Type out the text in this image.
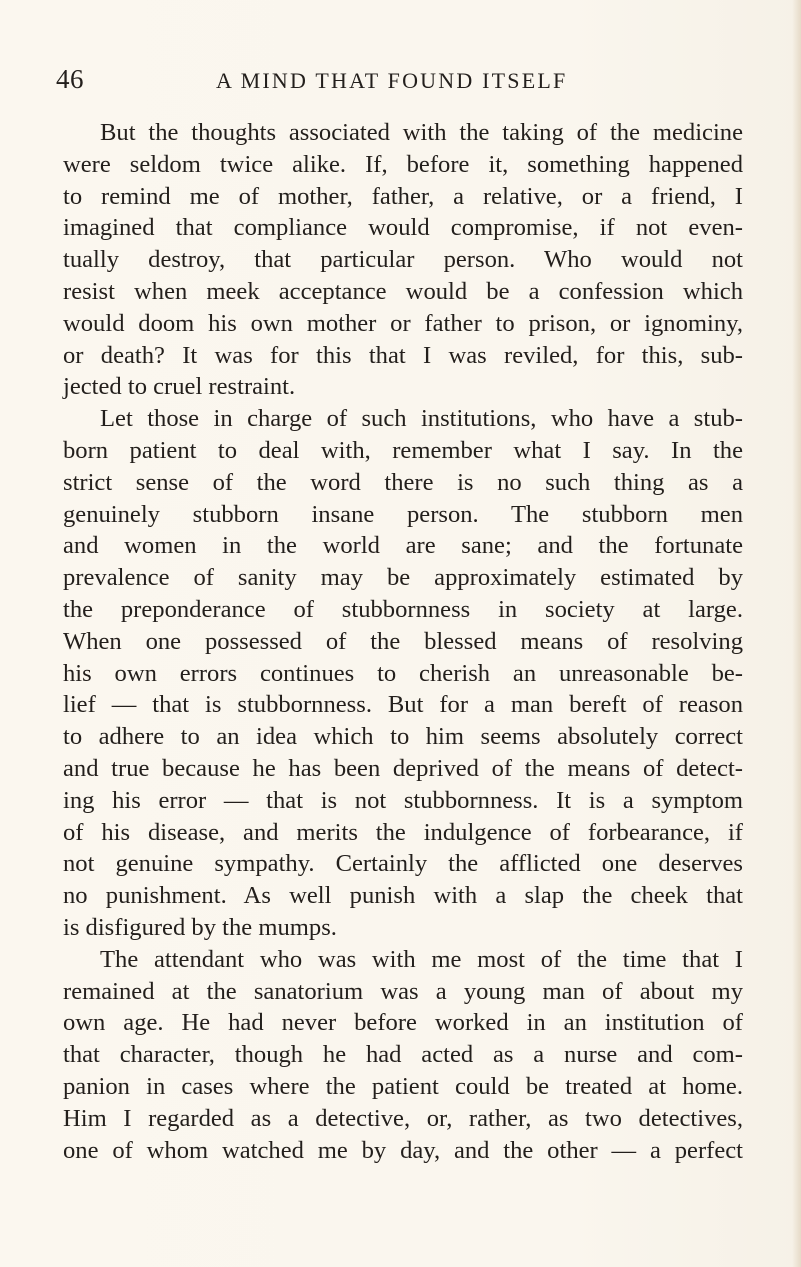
46	A MIND THAT FOUND ITSELF
But the thoughts associated with the taking of the medicine
were seldom twice alike. If, before it, something happened
to remind me of mother, father, a relative, or a friend, I
imagined that compliance would compromise, if not even-
tually destroy, that particular person. Who would not
resist when meek acceptance would be a confession which
would doom his own mother or father to prison, or ignominy,
or death? It was for this that I was reviled, for this, sub-
jected to cruel restraint.
Let those in charge of such institutions, who have a stub-
born patient to deal with, remember what I say. In the
strict sense of the word there is no such thing as a
genuinely stubborn insane person. The stubborn men
and women in the world are sane; and the fortunate
prevalence of sanity may be approximately estimated by
the preponderance of stubbornness in society at large.
When one possessed of the blessed means of resolving
his own errors continues to cherish an unreasonable be-
lief — that is stubbornness. But for a man bereft of reason
to adhere to an idea which to him seems absolutely correct
and true because he has been deprived of the means of detect-
ing his error — that is not stubbornness. It is a symptom
of his disease, and merits the indulgence of forbearance, if
not genuine sympathy. Certainly the afflicted one deserves
no punishment. As well punish with a slap the cheek that
is disfigured by the mumps.
The attendant who was with me most of the time that I
remained at the sanatorium was a young man of about my
own age. He had never before worked in an institution of
that character, though he had acted as a nurse and com-
panion in cases where the patient could be treated at home.
Him I regarded as a detective, or, rather, as two detectives,
one of whom watched me by day, and the other — a perfect
